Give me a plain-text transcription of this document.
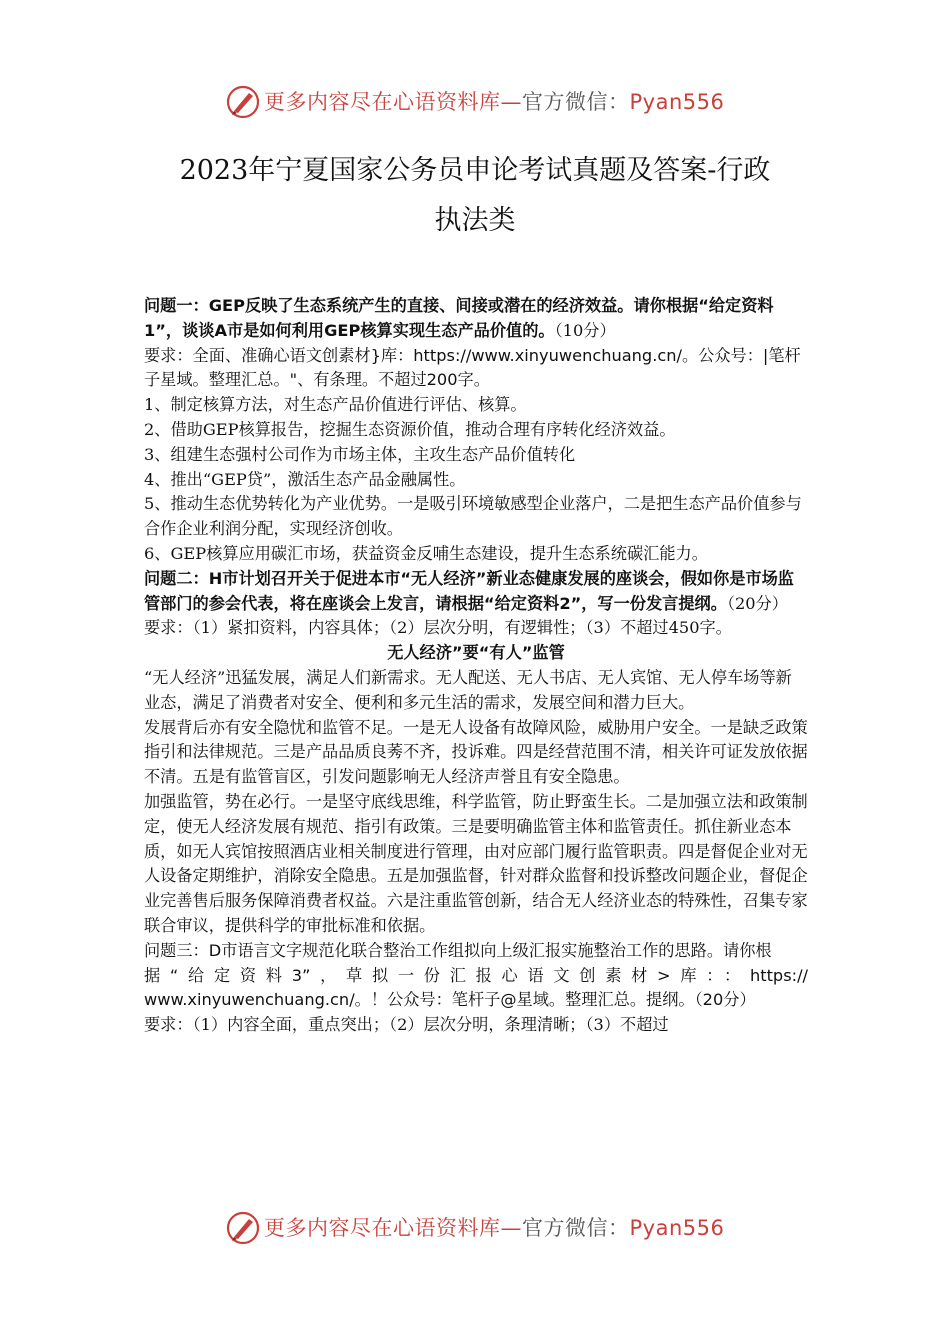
更多内容尽在心语资料库—官方微信：Pyan556
2023年宁夏国家公务员申论考试真题及答案-行政
执法类

问题一：GEP反映了生态系统产生的直接、间接或潜在的经济效益。请你根据“给定资料1”，谈谈A市是如何利用GEP核算实现生态产品价值的。（10分）

要求：全面、准确心语文创素材}库：https://www.xinyuwenchuang.cn/。公众号：|笔杆子星域。整理汇总。"、有条理。不超过200字。

1、制定核算方法，对生态产品价值进行评估、核算。

2、借助GEP核算报告，挖掘生态资源价值，推动合理有序转化经济效益。

3、组建生态强村公司作为市场主体，主攻生态产品价值转化

4、推出“GEP贷”，激活生态产品金融属性。

5、推动生态优势转化为产业优势。一是吸引环境敏感型企业落户，二是把生态产品价值参与合作企业利润分配，实现经济创收。

6、GEP核算应用碳汇市场，获益资金反哺生态建设，提升生态系统碳汇能力。

问题二：H市计划召开关于促进本市“无人经济”新业态健康发展的座谈会，假如你是市场监管部门的参会代表，将在座谈会上发言，请根据“给定资料2”，写一份发言提纲。（20分）

要求：（1）紧扣资料，内容具体；（2）层次分明，有逻辑性；（3）不超过450字。

无人经济”要“有人”监管

“无人经济”迅猛发展，满足人们新需求。无人配送、无人书店、无人宾馆、无人停车场等新业态，满足了消费者对安全、便利和多元生活的需求，发展空间和潜力巨大。

发展背后亦有安全隐忧和监管不足。一是无人设备有故障风险，威胁用户安全。一是缺乏政策指引和法律规范。三是产品品质良莠不齐，投诉难。四是经营范围不清，相关许可证发放依据不清。五是有监管盲区，引发问题影响无人经济声誉且有安全隐患。

加强监管，势在必行。一是坚守底线思维，科学监管，防止野蛮生长。二是加强立法和政策制定，使无人经济发展有规范、指引有政策。三是要明确监管主体和监管责任。抓住新业态本质，如无人宾馆按照酒店业相关制度进行管理，由对应部门履行监管职责。四是督促企业对无人设备定期维护，消除安全隐患。五是加强监督，针对群众监督和投诉整改问题企业，督促企业完善售后服务保障消费者权益。六是注重监管创新，结合无人经济业态的特殊性，召集专家联合审议，提供科学的审批标准和依据。

问题三：D市语言文字规范化联合整治工作组拟向上级汇报实施整治工作的思路。请你根

据“给定资料3”，草拟一份汇报心语文创素材>库：：https://

www.xinyuwenchuang.cn/。！公众号：笔杆子@星域。整理汇总。提纲。（20分）

要求：（1）内容全面，重点突出；（2）层次分明，条理清晰；（3）不超过

更多内容尽在心语资料库—官方微信：Pyan556
